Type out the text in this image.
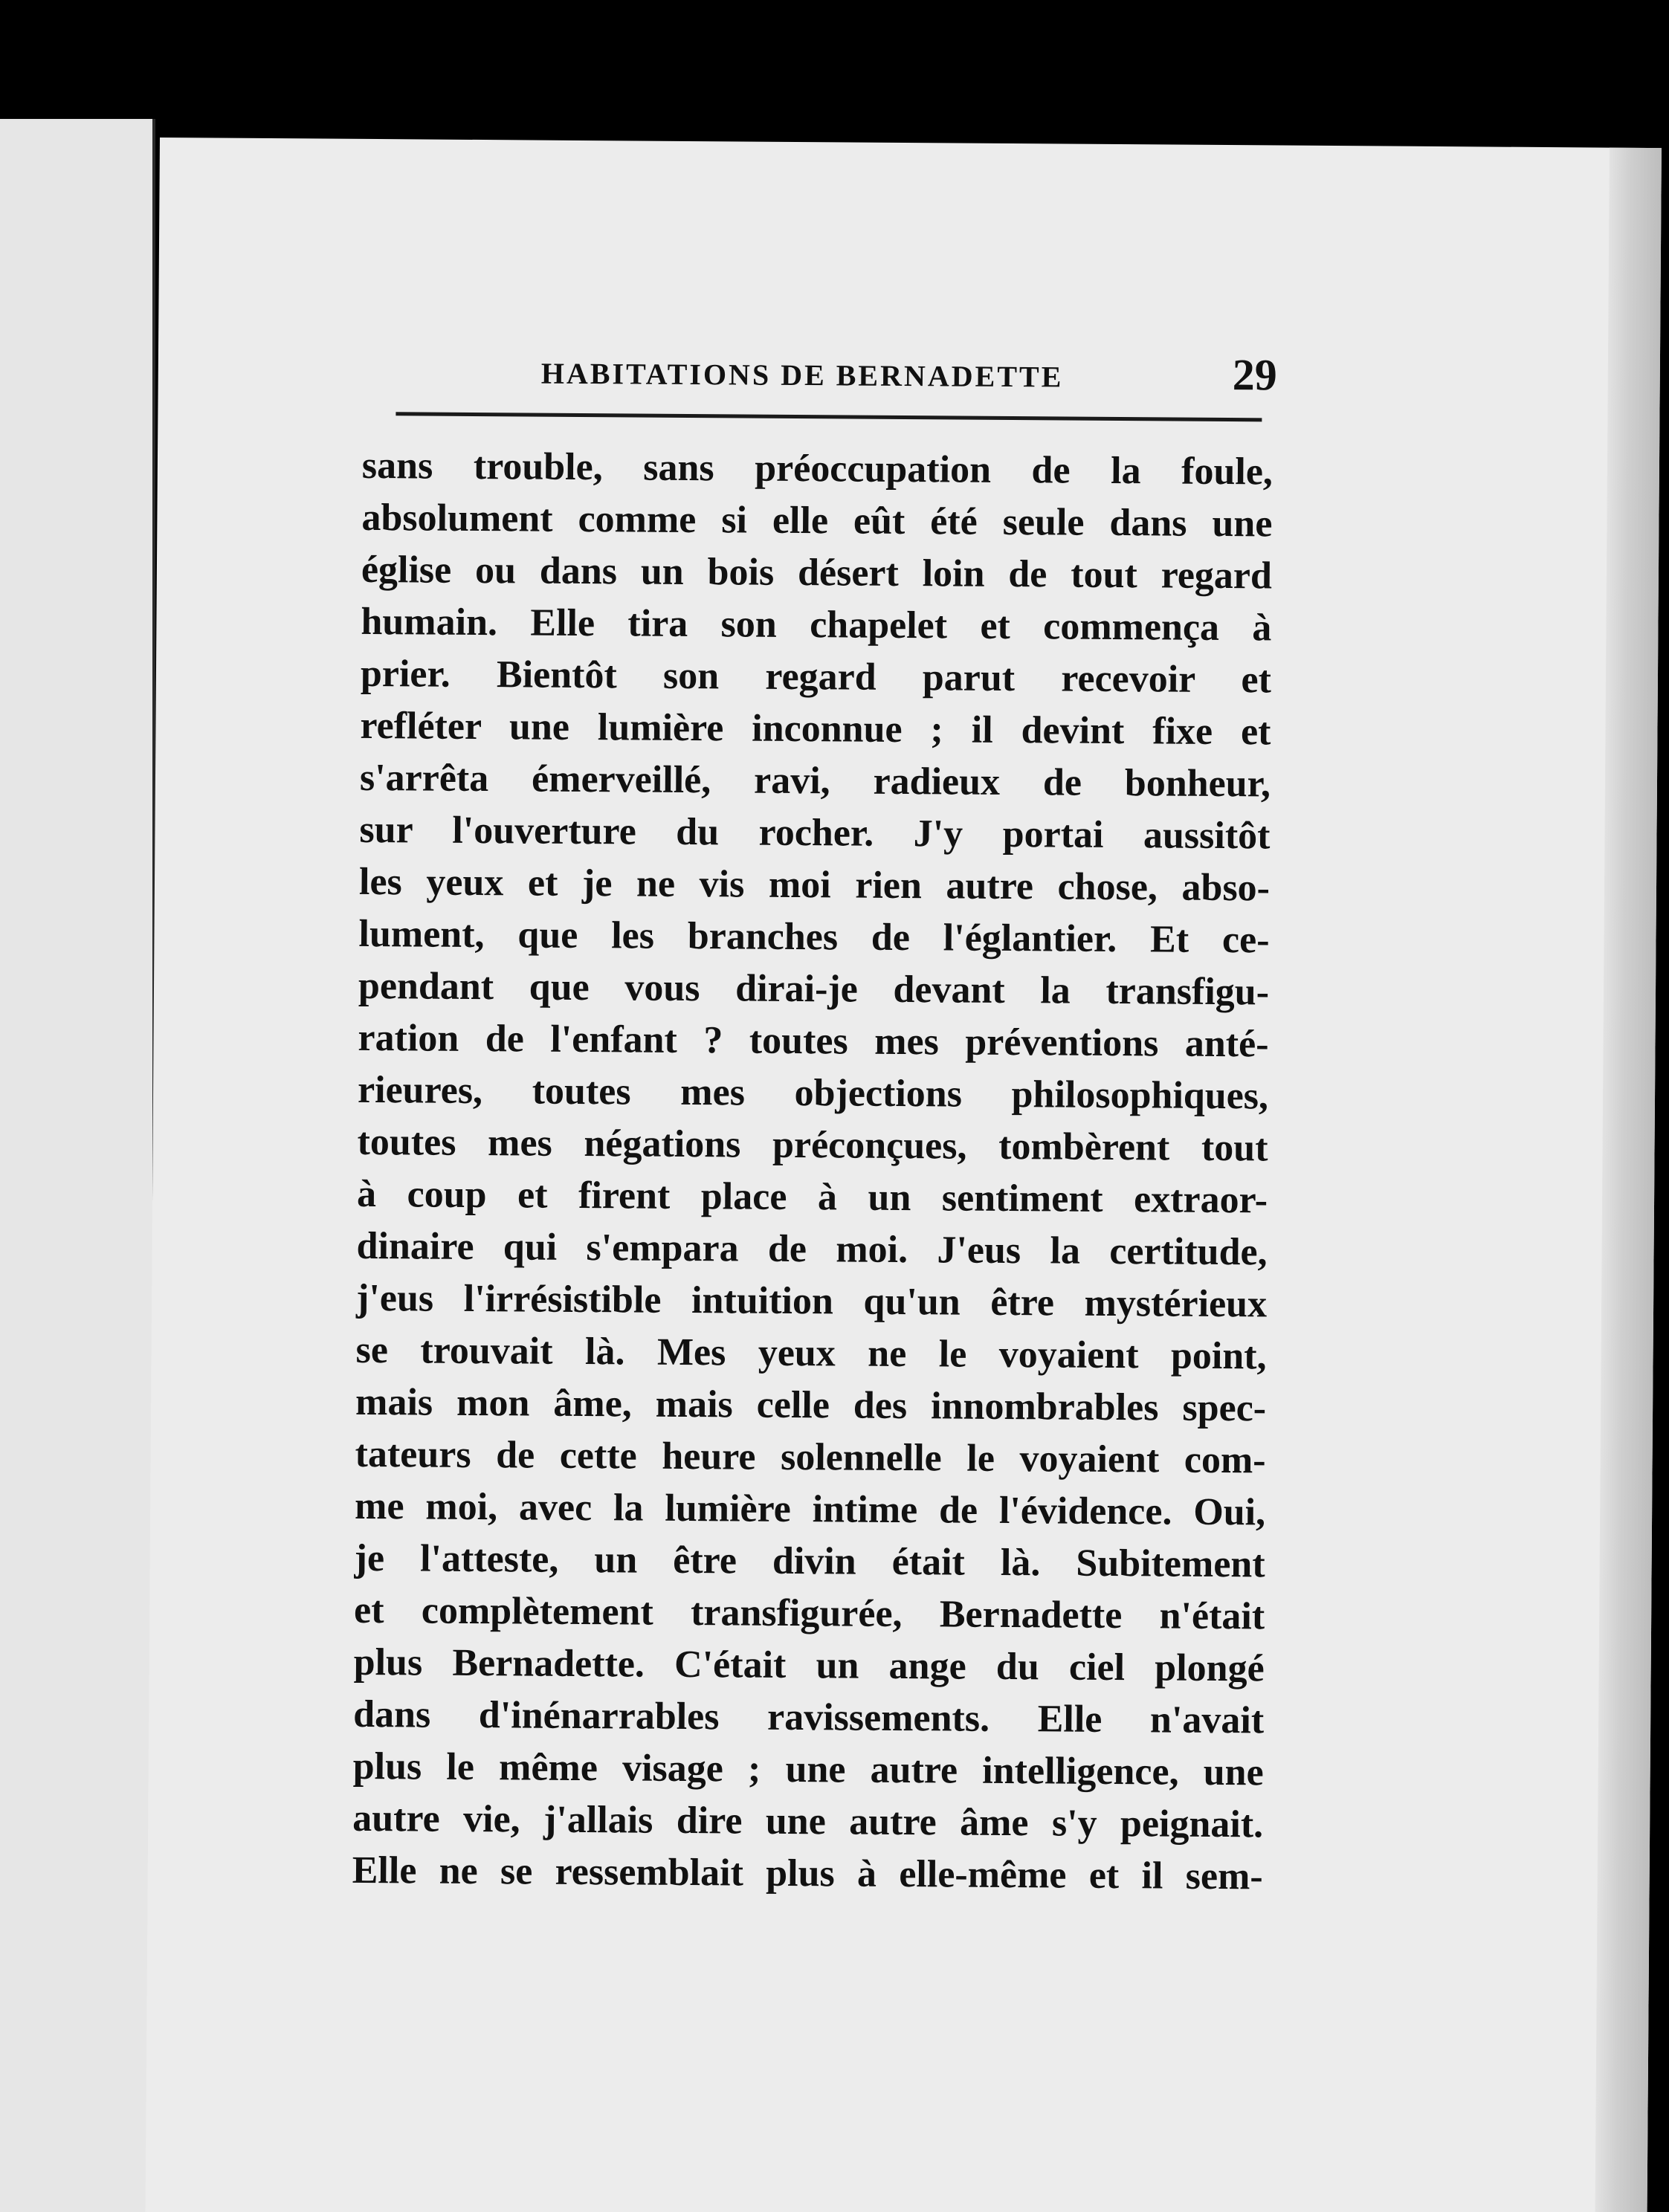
HABITATIONS DE BERNADETTE	29
sans trouble, sans préoccupation de la foule,
absolument comme si elle eût été seule dans une
église ou dans un bois désert loin de tout regard
humain. Elle tira son chapelet et commença à
prier. Bientôt son regard parut recevoir et
refléter une lumière inconnue ; il devint fixe et
s'arrêta émerveillé, ravi, radieux de bonheur,
sur l'ouverture du rocher. J'y portai aussitôt
les yeux et je ne vis moi rien autre chose, abso-
lument, que les branches de l'églantier. Et ce-
pendant que vous dirai-je devant la transfigu-
ration de l'enfant ? toutes mes préventions anté-
rieures, toutes mes objections philosophiques,
toutes mes négations préconçues, tombèrent tout
à coup et firent place à un sentiment extraor-
dinaire qui s'empara de moi. J'eus la certitude,
j'eus l'irrésistible intuition qu'un être mystérieux
se trouvait là. Mes yeux ne le voyaient point,
mais mon âme, mais celle des innombrables spec-
tateurs de cette heure solennelle le voyaient com-
me moi, avec la lumière intime de l'évidence. Oui,
je l'atteste, un être divin était là. Subitement
et complètement transfigurée, Bernadette n'était
plus Bernadette. C'était un ange du ciel plongé
dans d'inénarrables ravissements. Elle n'avait
plus le même visage ; une autre intelligence, une
autre vie, j'allais dire une autre âme s'y peignait.
Elle ne se ressemblait plus à elle-même et il sem-
